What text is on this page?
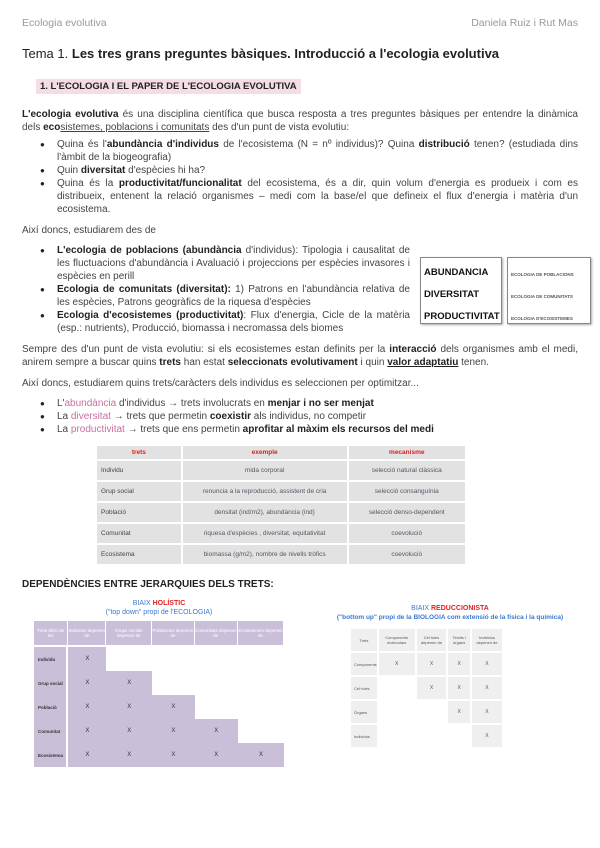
Ecologia evolutiva	Daniela Ruiz i Rut Mas
Tema 1. Les tres grans preguntes bàsiques. Introducció a l'ecologia evolutiva
1. L'ECOLOGIA I EL PAPER DE L'ECOLOGIA EVOLUTIVA
L'ecologia evolutiva és una disciplina científica que busca resposta a tres preguntes bàsiques per entendre la dinàmica dels ecosistemes, poblacions i comunitats des d'un punt de vista evolutiu:
● Quina és l'abundància d'individus de l'ecosistema (N = nº individus)? Quina distribució tenen? (estudiada dins l'àmbit de la biogeografia)
● Quin diversitat d'espècies hi ha?
● Quina és la productivitat/funcionalitat del ecosistema, és a dir, quin volum d'energia es produeix i com es distribueix, entenent la relació organismes – medi com la base/el que defineix el flux d'energia i matèria d'un ecosistema.
Així doncs, estudiarem des de
● L'ecologia de poblacions (abundància d'individus): Tipologia i causalitat de les fluctuacions d'abundància i Avaluació i projeccions per espècies invasores i espècies en perill
● Ecologia de comunitats (diversitat): 1) Patrons en l'abundància relativa de les espècies, Patrons geogràfics de la riquesa d'espècies
● Ecologia d'ecosistemes (productivitat): Flux d'energia, Cicle de la matèria (esp.: nutrients), Producció, biomassa i necromassa dels biomes
ABUNDANCIA
DIVERSITAT
PRODUCTIVITAT
ECOLOGIA DE POBLACIONS
ECOLOGIA DE COMUNITATS
ECOLOGIA D'ECOSISTEMES
Sempre des d'un punt de vista evolutiu: si els ecosistemes estan definits per la interacció dels organismes amb el medi, anirem sempre a buscar quins trets han estat seleccionats evolutivament i quin valor adaptatiu tenen.
Així doncs, estudiarem quins trets/caràcters dels individus es seleccionen per optimitzar...
● L'abundància d'individus → trets involucrats en menjar i no ser menjat
● La diversitat → trets que permetin coexistir als individus, no competir
● La productivitat → trets que ens permetin aprofitar al màxim els recursos del medi
trets	exemple	mecanisme
Individu	mida corporal	selecció natural clàssica
Grup social	renuncia a la reproducció, assistent de cria	selecció consanguínia
Població	densitat (ind/m2), abundància (ind)	selecció denso-dependent
Comunitat	riquesa d'espècies , diversitat, equitativitat	coevolució
Ecosistema	biomassa (g/m2), nombre de nivells tròfics	coevolució
DEPENDÈNCIES ENTRE JERARQUIES DELS TRETS:
BIAIX HOLÍSTIC
("top down" propi de l'ECOLOGIA)
Trets dels/ de les	Individus depenen de	Grups socials depenen de	Poblacions depenen de	Comunitats depenen de	Ecosistemes depenen de
Individu	X				
Grup social	X	X			
Població	X	X	X		
Comunitat	X	X	X	X	
Ecosistema	X	X	X	X	X
BIAIX REDUCCIONISTA
("bottom up" propi de la BIOLOGIA com extensió de la física i la química)
Trets	Components moleculars	Cèl·lules depenen de	Teixits i òrgans	Individus depenen de
Components	X	X	X	X
Cèl·lules		X	X	X
Òrgans			X	X
Individus				X
